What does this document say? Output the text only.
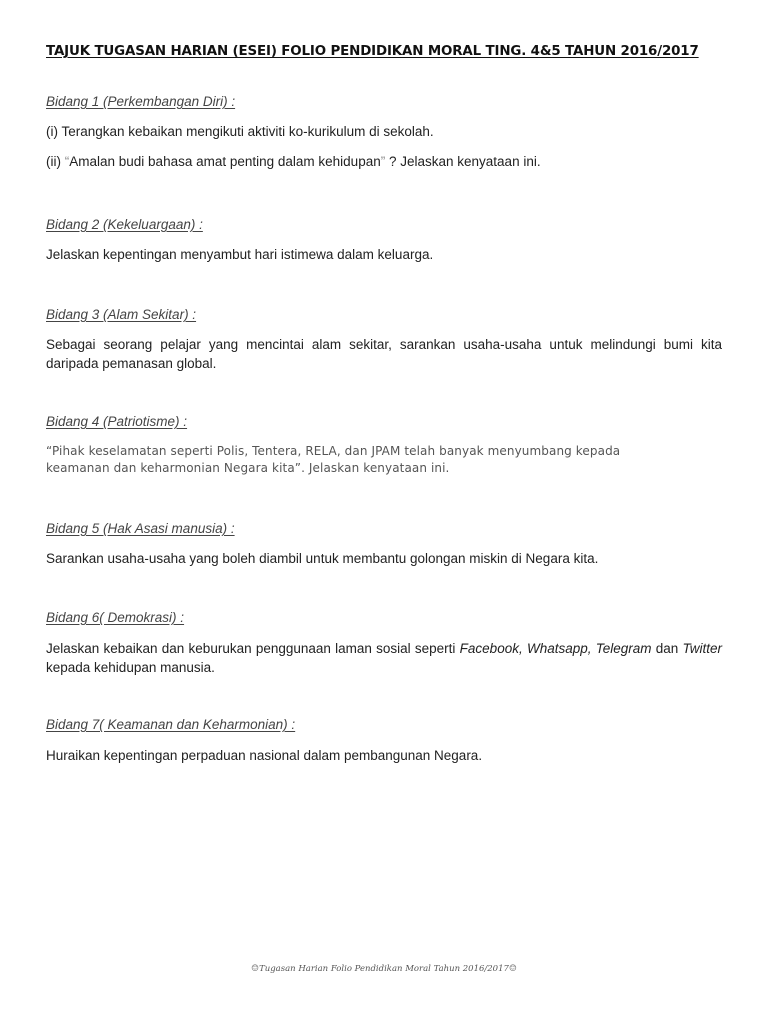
TAJUK TUGASAN HARIAN (ESEI) FOLIO PENDIDIKAN MORAL TING. 4&5 TAHUN 2016/2017

Bidang 1 (Perkembangan Diri) :

(i) Terangkan kebaikan mengikuti aktiviti ko-kurikulum di sekolah.

(ii) “Amalan budi bahasa amat penting dalam kehidupan” ? Jelaskan kenyataan ini.

Bidang 2 (Kekeluargaan) :

Jelaskan kepentingan menyambut hari istimewa dalam keluarga.

Bidang 3 (Alam Sekitar) :

Sebagai seorang pelajar yang mencintai alam sekitar, sarankan usaha-usaha untuk melindungi bumi kita daripada pemanasan global.

Bidang 4 (Patriotisme) :

“Pihak keselamatan seperti Polis, Tentera, RELA, dan JPAM telah banyak menyumbang kepada

keamanan dan keharmonian Negara kita”. Jelaskan kenyataan ini.

Bidang 5 (Hak Asasi manusia) :

Sarankan usaha-usaha yang boleh diambil untuk membantu golongan miskin di Negara kita.

Bidang 6( Demokrasi) :

Jelaskan kebaikan dan keburukan penggunaan laman sosial seperti Facebook, Whatsapp, Telegram dan Twitter kepada kehidupan manusia.

Bidang 7( Keamanan dan Keharmonian) :

Huraikan kepentingan perpaduan nasional dalam pembangunan Negara.

☺Tugasan Harian Folio Pendidikan Moral Tahun 2016/2017☺
